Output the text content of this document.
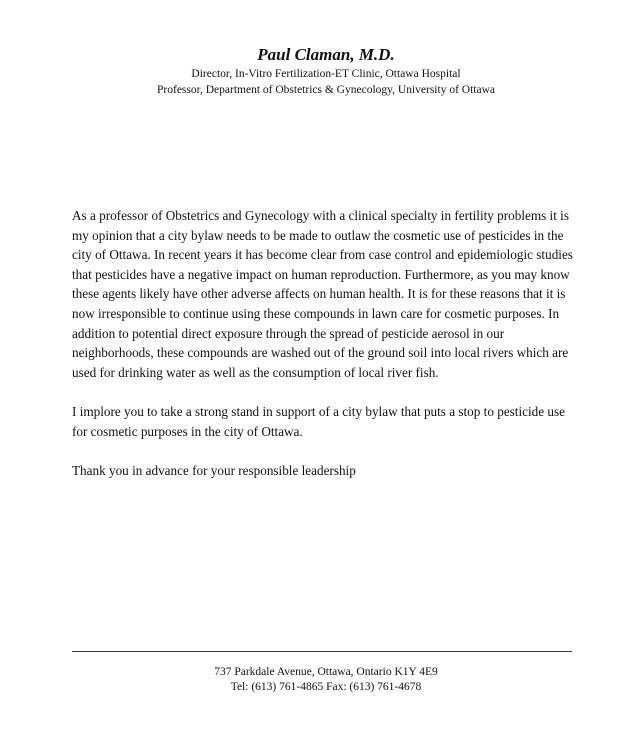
Paul Claman, M.D.
Director, In-Vitro Fertilization-ET Clinic, Ottawa Hospital
Professor, Department of Obstetrics & Gynecology, University of Ottawa

As a professor of Obstetrics and Gynecology with a clinical specialty in fertility problems it is my opinion that a city bylaw needs to be made to outlaw the cosmetic use of pesticides in the city of Ottawa. In recent years it has become clear from case control and epidemiologic studies that pesticides have a negative impact on human reproduction. Furthermore, as you may know these agents likely have other adverse affects on human health. It is for these reasons that it is now irresponsible to continue using these compounds in lawn care for cosmetic purposes. In addition to potential direct exposure through the spread of pesticide aerosol in our neighborhoods, these compounds are washed out of the ground soil into local rivers which are used for drinking water as well as the consumption of local river fish.

I implore you to take a strong stand in support of a city bylaw that puts a stop to pesticide use for cosmetic purposes in the city of Ottawa.

Thank you in advance for your responsible leadership

737 Parkdale Avenue, Ottawa, Ontario K1Y 4E9
Tel: (613) 761-4865 Fax: (613) 761-4678
